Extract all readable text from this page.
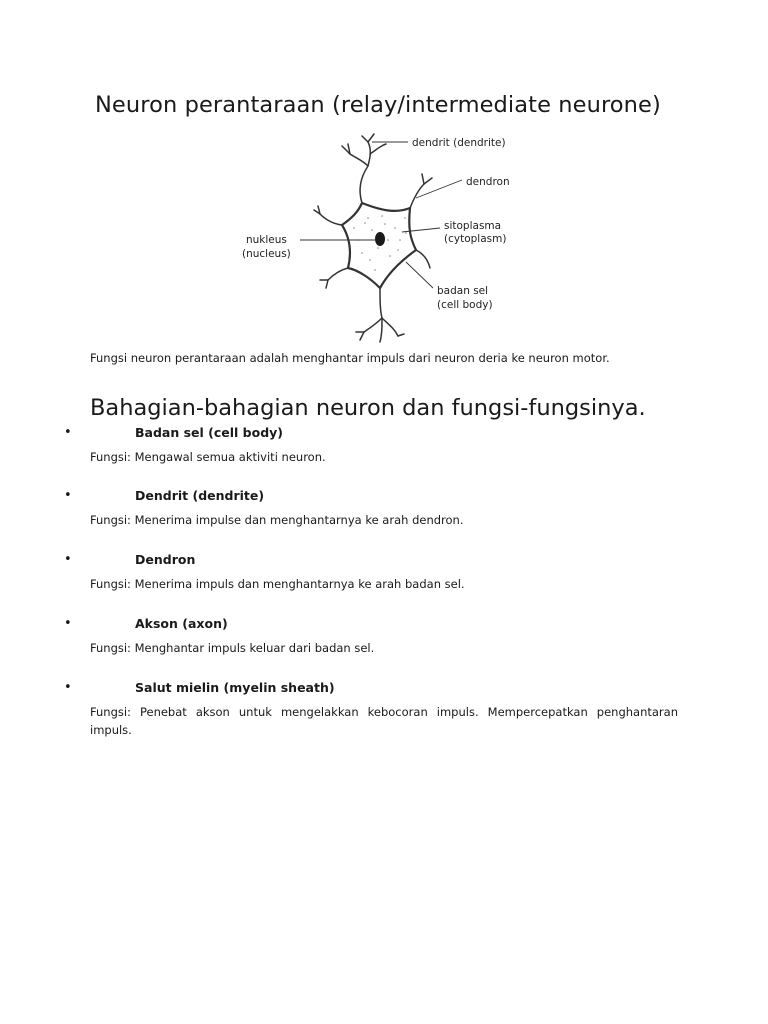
Neuron perantaraan (relay/intermediate neurone)
dendrit (dendrite)
dendron
sitoplasma
(cytoplasm)
nukleus
(nucleus)
badan sel
(cell body)

Fungsi neuron perantaraan adalah menghantar impuls dari neuron deria ke neuron motor.

Bahagian-bahagian neuron dan fungsi-fungsinya.
•	Badan sel (cell body)

Fungsi: Mengawal semua aktiviti neuron.

•	Dendrit (dendrite)

Fungsi: Menerima impulse dan menghantarnya ke arah dendron.

•	Dendron

Fungsi: Menerima impuls dan menghantarnya ke arah badan sel.

•	Akson (axon)

Fungsi: Menghantar impuls keluar dari badan sel.

•	Salut mielin (myelin sheath)

Fungsi: Penebat akson untuk mengelakkan kebocoran impuls. Mempercepatkan penghantaran impuls.
